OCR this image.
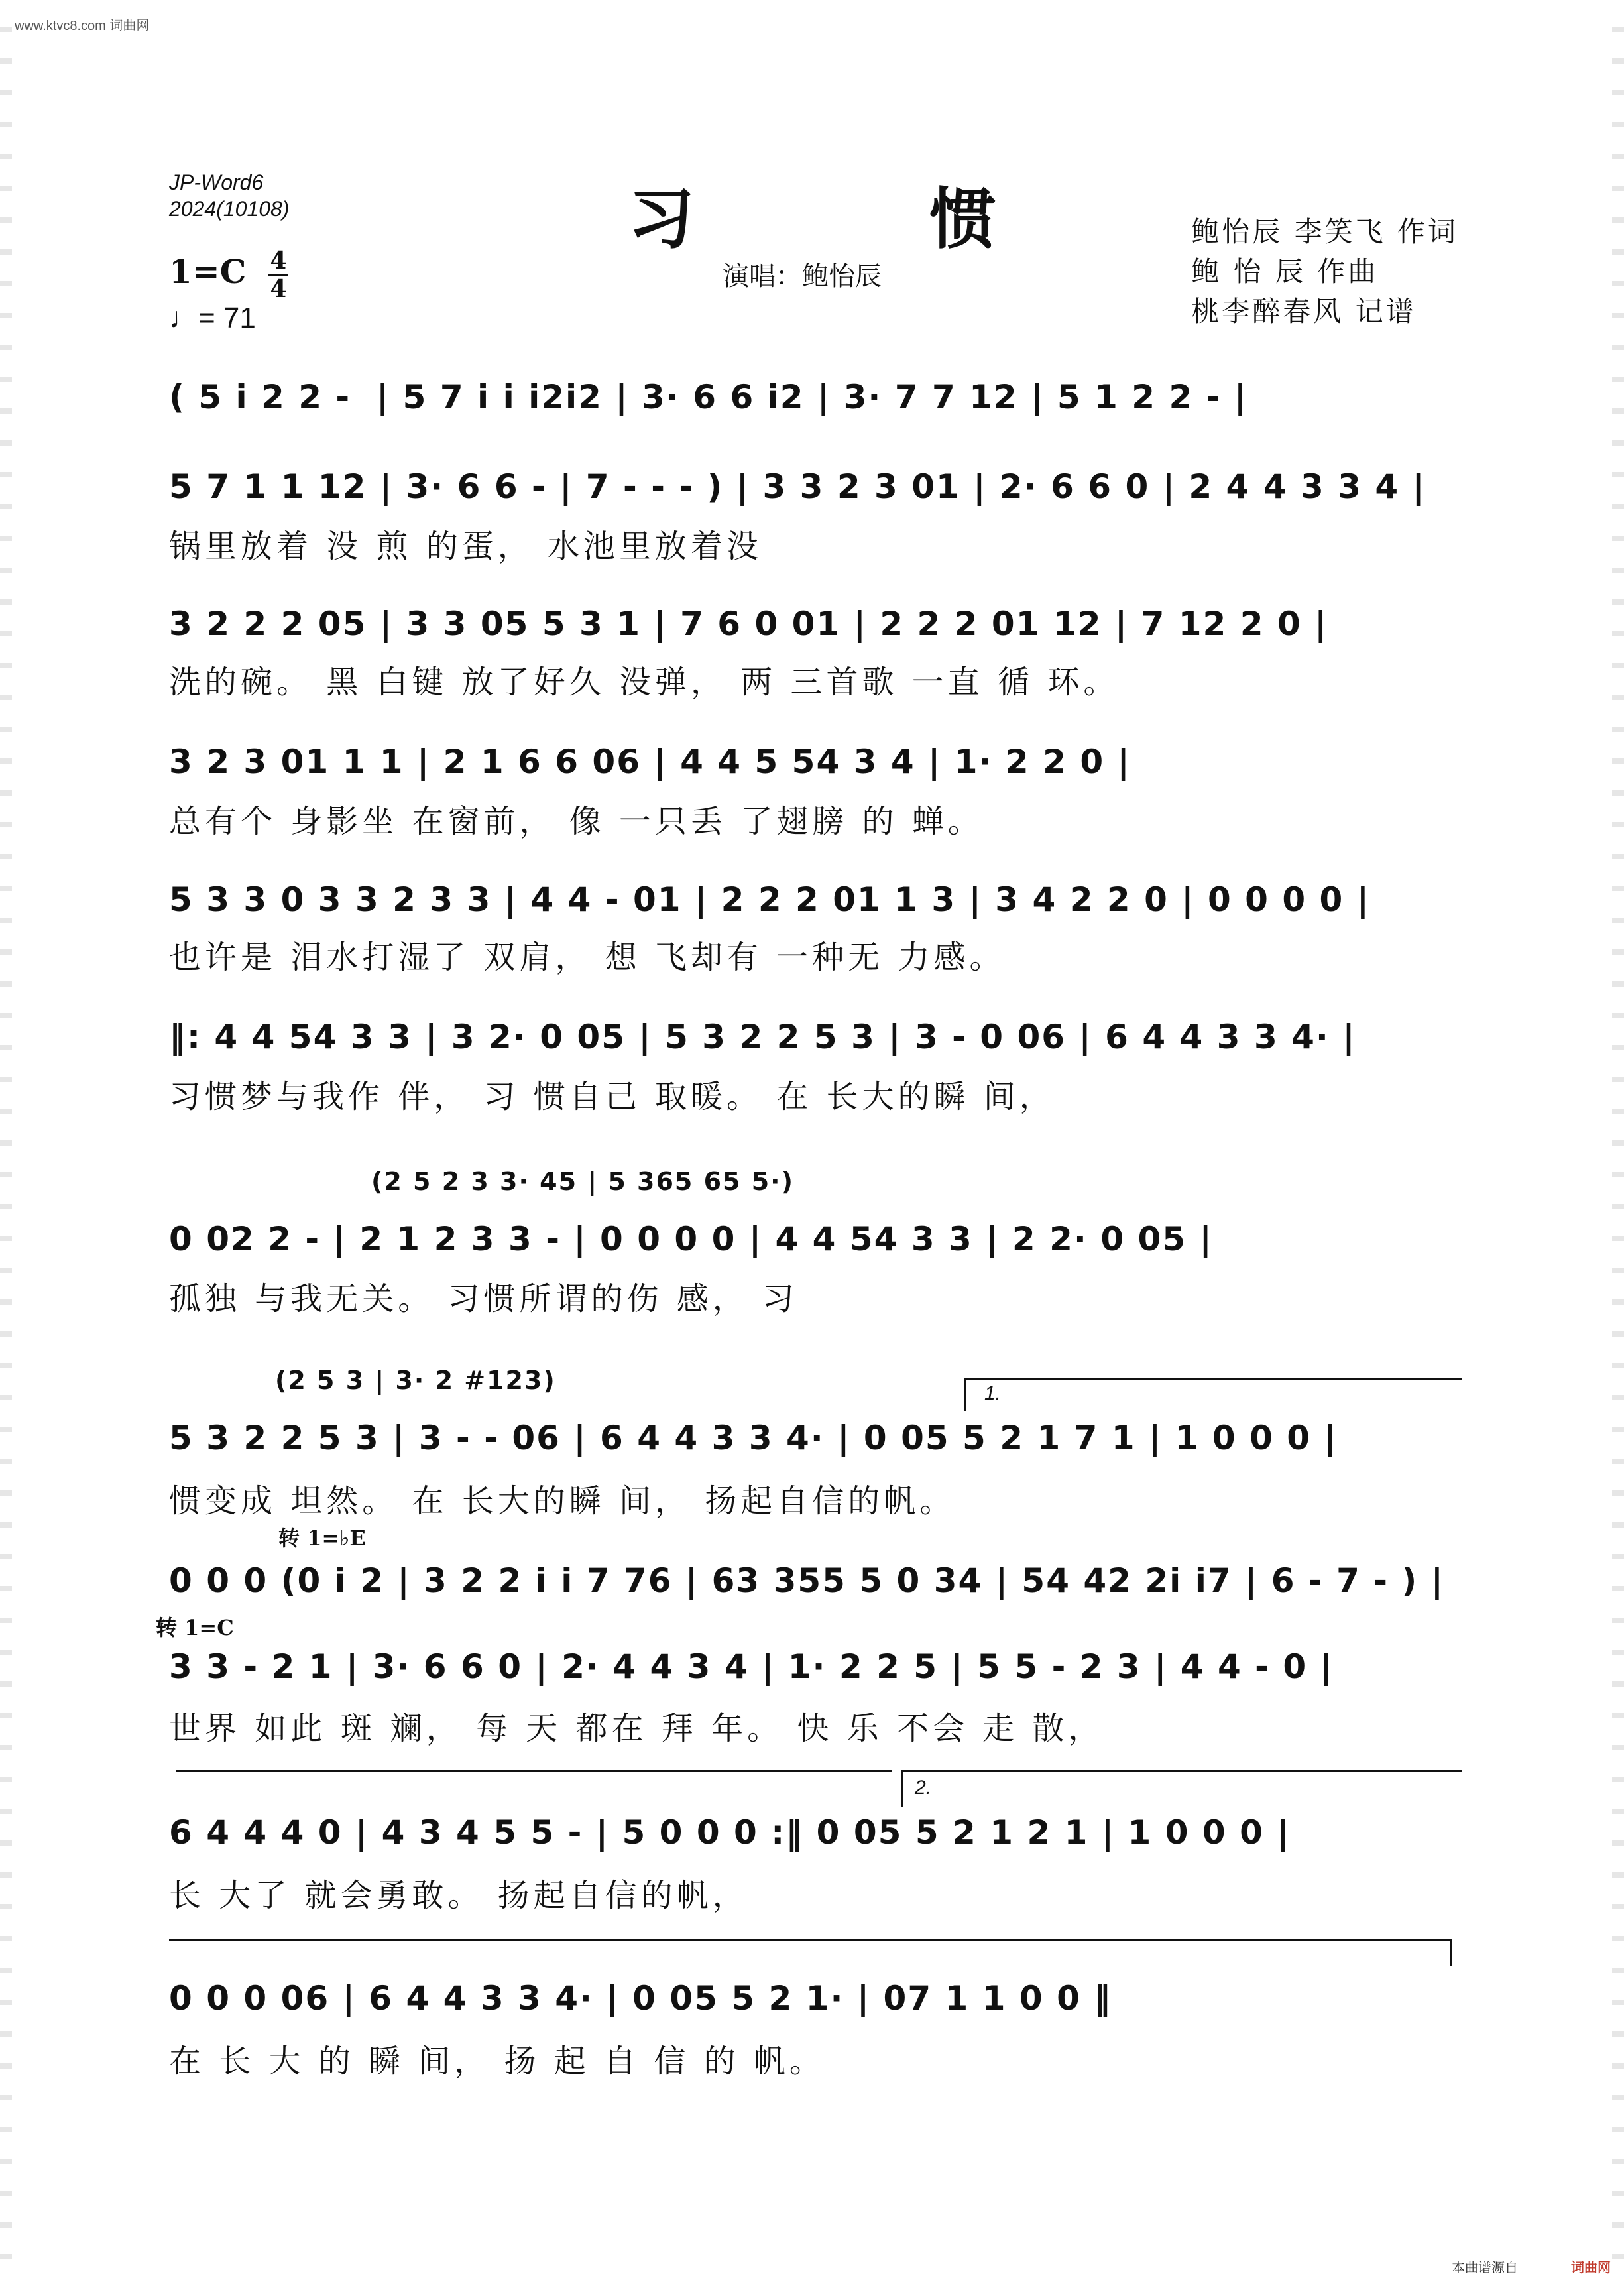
www.ktvc8.com 词曲网
JP-Word6
2024(10108)	习 惯
演唱：鲍怡辰
鲍怡辰 李笑飞 作词
鲍 怡 辰 作曲
桃李醉春风 记谱
1=C 4
4
♩= 71
( 5 i 2 2 -  | 5 7 i i i2i2 | 3· 6 6 i2 | 3· 7 7 12 | 5 1 2 2 - |
5 7 1 1 12 | 3· 6 6 - | 7 - - - ) | 3 3 2 3 01 | 2· 6 6 0 | 2 4 4 3 3 4 |
锅里放着 没 煎 的蛋， 水池里放着没
3 2 2 2 05 | 3 3 05 5 3 1 | 7 6 0 01 | 2 2 2 01 12 | 7 12 2 0 |
洗的碗。 黑 白键 放了好久 没弹， 两 三首歌 一直 循 环。
3 2 3 01 1 1 | 2 1 6 6 06 | 4 4 5 54 3 4 | 1· 2 2 0 |
总有个 身影坐 在窗前， 像 一只丢 了翅膀 的 蝉。
5 3 3 0 3 3 2 3 3 | 4 4 - 01 | 2 2 2 01 1 3 | 3 4 2 2 0 | 0 0 0 0 |
也许是 泪水打湿了 双肩， 想 飞却有 一种无 力感。
‖: 4 4 54 3 3 | 3 2· 0 05 | 5 3 2 2 5 3 | 3 - 0 06 | 6 4 4 3 3 4· |
习惯梦与我作 伴， 习 惯自己 取暖。 在 长大的瞬 间，
(2 5 2 3 3· 45 | 5 365 65 5·)
0 02 2 - | 2 1 2 3 3 - | 0 0 0 0 | 4 4 54 3 3 | 2 2· 0 05 |
孤独 与我无关。 习惯所谓的伤 感， 习
(2 5 3 | 3· 2 #123)	1.
5 3 2 2 5 3 | 3 - - 06 | 6 4 4 3 3 4· | 0 05 5 2 1 7 1 | 1 0 0 0 |
惯变成 坦然。 在 长大的瞬 间， 扬起自信的帆。
转 1=♭E
0 0 0 (0 i 2 | 3 2 2 i i 7 76 | 63 355 5 0 34 | 54 42 2i i7 | 6 - 7 - ) |
转 1=C
3 3 - 2 1 | 3· 6 6 0 | 2· 4 4 3 4 | 1· 2 2 5 | 5 5 - 2 3 | 4 4 - 0 |
世界 如此 斑 斓， 每 天 都在 拜 年。 快 乐 不会 走 散，
2.
6 4 4 4 0 | 4 3 4 5 5 - | 5 0 0 0 :‖ 0 05 5 2 1 2 1 | 1 0 0 0 |
长 大了 就会勇敢。 扬起自信的帆，
0 0 0 06 | 6 4 4 3 3 4· | 0 05 5 2 1· | 07 1 1 0 0 ‖
在 长 大 的 瞬 间， 扬 起 自 信 的 帆。
本曲谱源自	词曲网
